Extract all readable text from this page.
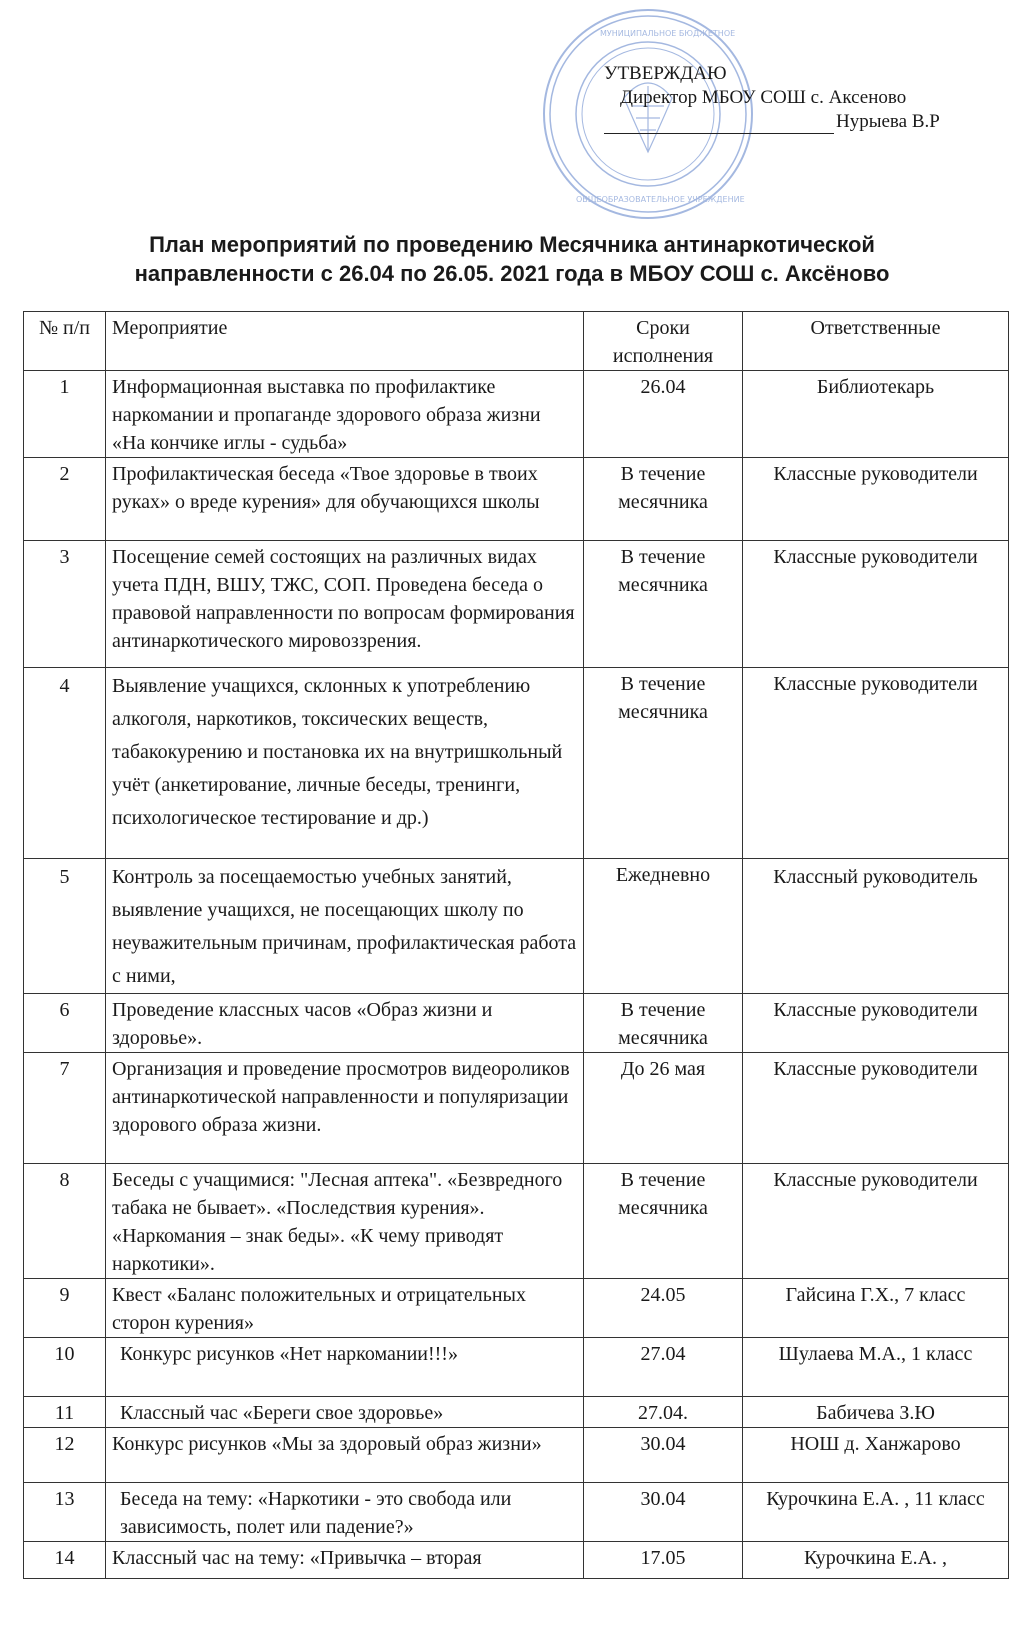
МУНИЦИПАЛЬНОЕ БЮДЖЕТНОЕ
ОБЩЕОБРАЗОВАТЕЛЬНОЕ УЧРЕЖДЕНИЕ
УТВЕРЖДАЮ
Директор МБОУ СОШ с. Аксеново
Нурыева В.Р
План мероприятий по проведению Месячника антинаркотической
направленности с 26.04 по 26.05. 2021 года в МБОУ СОШ с. Аксёново
№ п/п	Мероприятие	Сроки исполнения	Ответственные
1	Информационная выставка по профилактике наркомании и пропаганде здорового образа жизни «На кончике иглы - судьба»	26.04	Библиотекарь
2	Профилактическая беседа «Твое здоровье в твоих руках» о вреде курения» для обучающихся школы	В течение месячника	Классные руководители
3	Посещение семей состоящих на различных видах учета ПДН, ВШУ, ТЖС, СОП. Проведена беседа о правовой направленности по вопросам формирования антинаркотического мировоззрения.	В течение месячника	Классные руководители
4	Выявление учащихся, склонных к употреблению алкоголя, наркотиков, токсических веществ, табакокурению и постановка их на внутришкольный учёт (анкетирование, личные беседы, тренинги, психологическое тестирование и др.)	В течение месячника	Классные руководители
5	Контроль за посещаемостью учебных занятий, выявление учащихся, не посещающих школу по неуважительным причинам, профилактическая работа с ними,	Ежедневно	Классный руководитель
6	Проведение классных часов «Образ жизни и здоровье».	В течение месячника	Классные руководители
7	Организация и проведение просмотров видеороликов антинаркотической направленности и популяризации здорового образа жизни.	До 26 мая	Классные руководители
8	Беседы с учащимися: "Лесная аптека". «Безвредного табака не бывает». «Последствия курения». «Наркомания – знак беды». «К чему приводят наркотики».	В течение месячника	Классные руководители
9	Квест «Баланс положительных и отрицательных сторон курения»	24.05	Гайсина Г.Х., 7 класс
10	Конкурс рисунков «Нет наркомании!!!»	27.04	Шулаева М.А., 1 класс
11	Классный час «Береги свое здоровье»	27.04.	Бабичева З.Ю
12	Конкурс рисунков «Мы за здоровый образ жизни»	30.04	НОШ д. Ханжарово
13	Беседа на тему: «Наркотики - это свобода или зависимость, полет или падение?»	30.04	Курочкина Е.А. , 11 класс
14	Классный час на тему: «Привычка – вторая	17.05	Курочкина Е.А. ,
